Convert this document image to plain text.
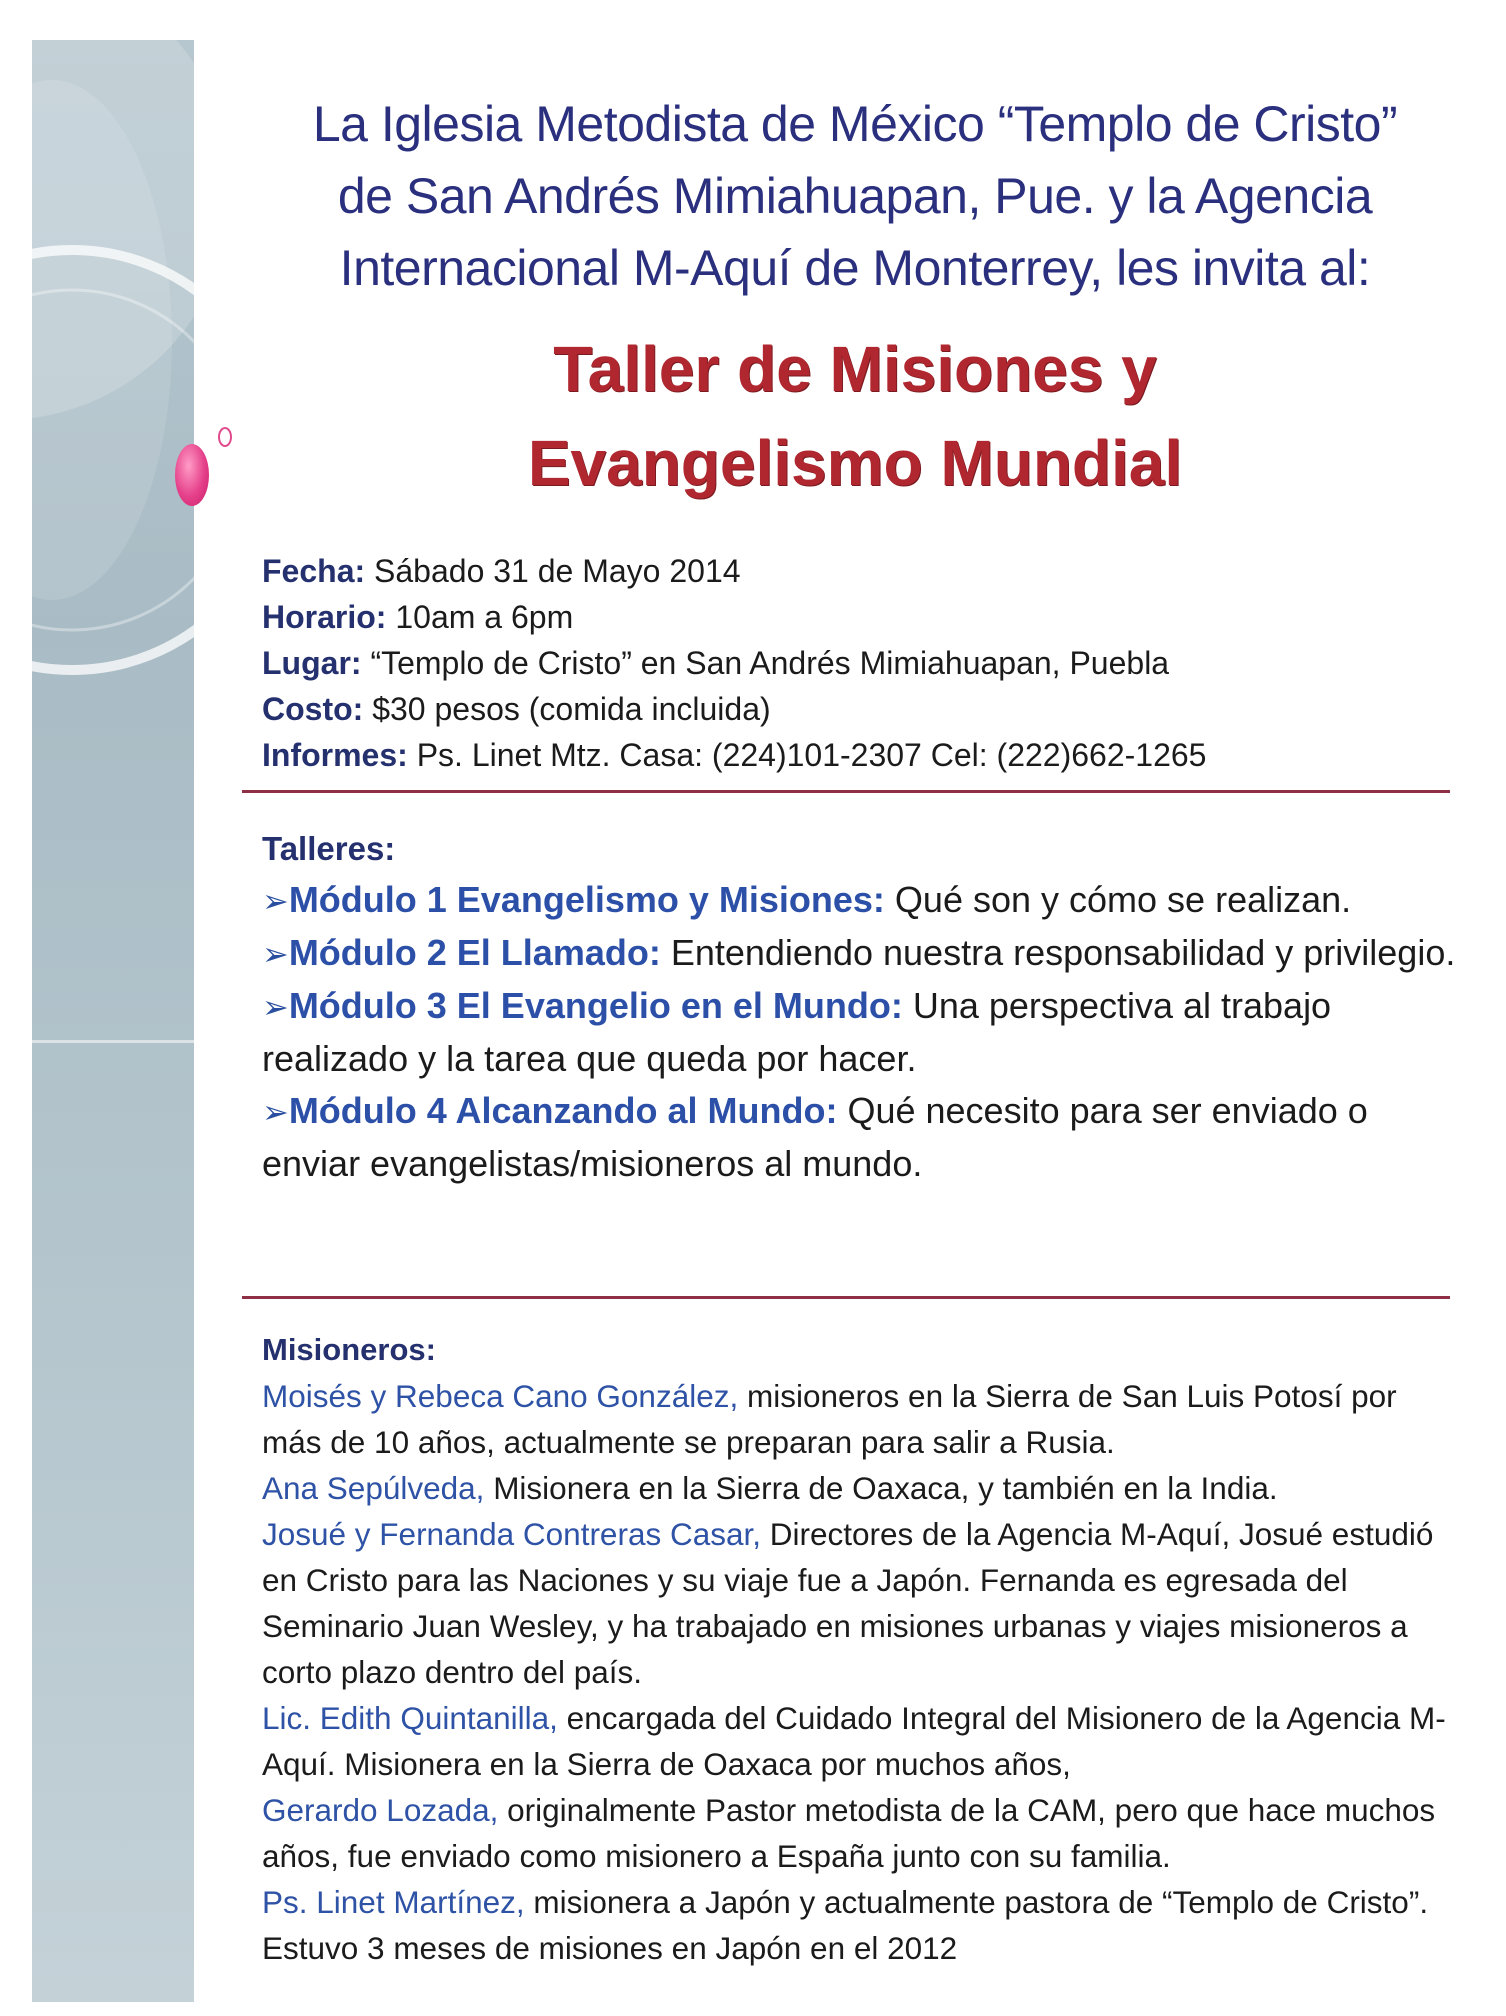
La Iglesia Metodista de México “Templo de Cristo”
de San Andrés Mimiahuapan, Pue. y la Agencia
Internacional M-Aquí de Monterrey, les invita al:
Taller de Misiones y
Evangelismo Mundial
Fecha: Sábado 31 de Mayo 2014
Horario: 10am a 6pm
Lugar: “Templo de Cristo” en San Andrés Mimiahuapan, Puebla
Costo: $30 pesos (comida incluida)
Informes: Ps. Linet Mtz. Casa: (224)101-2307 Cel: (222)662-1265
Talleres:
➢Módulo 1 Evangelismo y Misiones: Qué son y cómo se realizan.
➢Módulo 2 El Llamado: Entendiendo nuestra responsabilidad y privilegio.
➢Módulo 3 El Evangelio en el Mundo: Una perspectiva al trabajo realizado y la tarea que queda por hacer.
➢Módulo 4 Alcanzando al Mundo: Qué necesito para ser enviado o enviar evangelistas/misioneros al mundo.
Misioneros:
Moisés y Rebeca Cano González, misioneros en la Sierra de San Luis Potosí por más de 10 años, actualmente se preparan para salir a Rusia.
Ana Sepúlveda, Misionera en la Sierra de Oaxaca, y también en la India.
Josué y Fernanda Contreras Casar, Directores de la Agencia M-Aquí, Josué estudió en Cristo para las Naciones y su viaje fue a Japón. Fernanda es egresada del Seminario Juan Wesley, y ha trabajado en misiones urbanas y viajes misioneros a corto plazo dentro del país.
Lic. Edith Quintanilla, encargada del Cuidado Integral del Misionero de la Agencia M-Aquí. Misionera en la Sierra de Oaxaca por muchos años,
Gerardo Lozada, originalmente Pastor metodista de la CAM, pero que hace muchos años, fue enviado como misionero a España junto con su familia.
Ps. Linet Martínez, misionera a Japón y actualmente pastora de “Templo de Cristo”. Estuvo 3 meses de misiones en Japón en el 2012
